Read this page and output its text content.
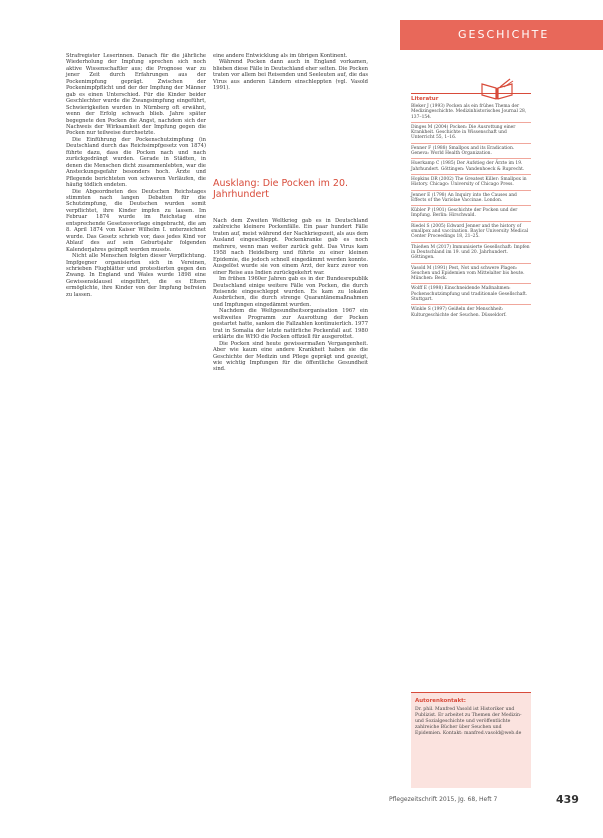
GESCHICHTE

Strafregister Leserinnen. Danach für die jährliche Wiederholung der Impfung sprechen sich noch aktive Wissenschaftler aus; die Prognose war zu jener Zeit durch Erfahrungen aus der Pockenimpfung geprägt. Zwischen der Pockenimpfpflicht und der der Impfung der Männer gab es einen Unterschied. Für die Kinder beider Geschlechter wurde die Zwangsimpfung eingeführt, Schwierigkeiten wurden in Nürnberg oft erwähnt, wenn der Erfolg schwach blieb. Jahre später begegnete den Pocken die Angst, nachdem sich der Nachweis der Wirksamkeit der Impfung gegen die Pocken nur teilweise durchsetzte.

Die Einführung der Pockenschutzimpfung (in Deutschland durch das Reichsimpfgesetz von 1874) führte dazu, dass die Pocken nach und nach zurückgedrängt wurden. Gerade in Städten, in denen die Menschen dicht zusammenlebten, war die Ansteckungsgefahr besonders hoch. Ärzte und Pflegende berichteten von schweren Verläufen, die häufig tödlich endeten.

Die Abgeordneten des Deutschen Reichstages stimmten nach langen Debatten für die Schutzimpfung, die Deutschen wurden somit verpflichtet, ihre Kinder impfen zu lassen. Im Februar 1874 wurde im Reichstag eine entsprechende Gesetzesvorlage eingebracht, die am 8. April 1874 von Kaiser Wilhelm I. unterzeichnet wurde. Das Gesetz schrieb vor, dass jedes Kind vor Ablauf des auf sein Geburtsjahr folgenden Kalenderjahres geimpft werden musste.

Nicht alle Menschen folgten dieser Verpflichtung. Impfgegner organisierten sich in Vereinen, schrieben Flugblätter und protestierten gegen den Zwang. In England und Wales wurde 1898 eine Gewissensklausel eingeführt, die es Eltern ermöglichte, ihre Kinder von der Impfung befreien zu lassen.

eine andere Entwicklung als im übrigen Kontinent.

Während Pocken dann auch in England vorkamen, blieben diese Fälle in Deutschland eher selten. Die Pocken traten vor allem bei Reisenden und Seeleuten auf, die das Virus aus anderen Ländern einschleppten (vgl. Vasold 1991).

Ausklang: Die Pocken im 20. Jahrhundert

Nach dem Zweiten Weltkrieg gab es in Deutschland zahlreiche kleinere Pockenfälle. Ein paar hundert Fälle traten auf, meist während der Nachkriegszeit, als aus dem Ausland eingeschleppt. Pockenkranke gab es noch mehrere, wenn man weiter zurück geht. Das Virus kam 1958 nach Heidelberg und führte zu einer kleinen Epidemie, die jedoch schnell eingedämmt werden konnte. Ausgelöst wurde sie von einem Arzt, der kurz zuvor von einer Reise aus Indien zurückgekehrt war.

Im frühen 1960er Jahren gab es in der Bundesrepublik Deutschland einige weitere Fälle von Pocken, die durch Reisende eingeschleppt wurden. Es kam zu lokalen Ausbrüchen, die durch strenge Quarantänemaßnahmen und Impfungen eingedämmt wurden.

Nachdem die Weltgesundheitsorganisation 1967 ein weltweites Programm zur Ausrottung der Pocken gestartet hatte, sanken die Fallzahlen kontinuierlich. 1977 trat in Somalia der letzte natürliche Pockenfall auf. 1980 erklärte die WHO die Pocken offiziell für ausgerottet.

Die Pocken sind heute gewissermaßen Vergangenheit. Aber wie kaum eine andere Krankheit haben sie die Geschichte der Medizin und Pflege geprägt und gezeigt, wie wichtig Impfungen für die öffentliche Gesundheit sind.

Literatur
Bleker J (1993) Pocken als ein frühes Thema der Medizingeschichte. Medizinhistorisches Journal 28, 137–154.
Dinges M (2004) Pocken: Die Ausrottung einer Krankheit. Geschichte in Wissenschaft und Unterricht 55, 1–16.
Fenner F (1988) Smallpox and its Eradication. Geneva: World Health Organization.
Huerkamp C (1985) Der Aufstieg der Ärzte im 19. Jahrhundert. Göttingen: Vandenhoeck & Ruprecht.
Hopkins DR (2002) The Greatest Killer: Smallpox in History. Chicago: University of Chicago Press.
Jenner E (1798) An Inquiry into the Causes and Effects of the Variolae Vaccinae. London.
Kübler P (1901) Geschichte der Pocken und der Impfung. Berlin: Hirschwald.
Riedel S (2005) Edward Jenner and the history of smallpox and vaccination. Baylor University Medical Center Proceedings 18, 21–25.
Thießen M (2017) Immunisierte Gesellschaft: Impfen in Deutschland im 19. und 20. Jahrhundert. Göttingen.
Vasold M (1991) Pest, Not und schwere Plagen: Seuchen und Epidemien vom Mittelalter bis heute. München: Beck.
Wolff E (1998) Einschneidende Maßnahmen: Pockenschutzimpfung und traditionale Gesellschaft. Stuttgart.
Winkle S (1997) Geißeln der Menschheit: Kulturgeschichte der Seuchen. Düsseldorf.
Autorenkontakt:
Dr. phil. Manfred Vasold ist Historiker und Publizist. Er arbeitet zu Themen der Medizin- und Sozialgeschichte und veröffentlichte zahlreiche Bücher über Seuchen und Epidemien. Kontakt: manfred.vasold@web.de
Pflegezeitschrift 2015, Jg. 68, Heft 7	439
